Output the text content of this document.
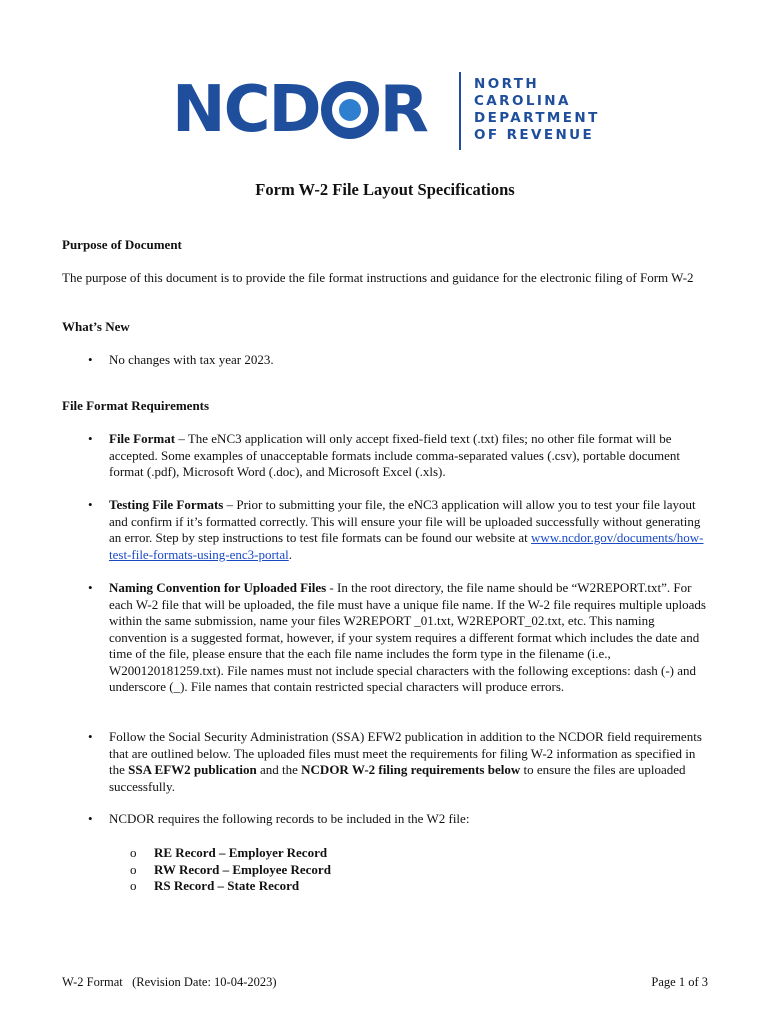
NCD R	NORTH
CAROLINA
DEPARTMENT
OF REVENUE
Form W-2 File Layout Specifications

Purpose of Document

The purpose of this document is to provide the file format instructions and guidance for the electronic filing of Form W-2

What’s New

• No changes with tax year 2023.

File Format Requirements

• File Format – The eNC3 application will only accept fixed-field text (.txt) files; no other file format will be accepted. Some examples of unacceptable formats include comma-separated values (.csv), portable document format (.pdf), Microsoft Word (.doc), and Microsoft Excel (.xls).
• Testing File Formats – Prior to submitting your file, the eNC3 application will allow you to test your file layout and confirm if it’s formatted correctly. This will ensure your file will be uploaded successfully without generating an error. Step by step instructions to test file formats can be found our website at www.ncdor.gov/documents/how-test-file-formats-using-enc3-portal.
• Naming Convention for Uploaded Files - In the root directory, the file name should be “W2REPORT.txt”. For each W-2 file that will be uploaded, the file must have a unique file name. If the W-2 file requires multiple uploads within the same submission, name your files W2REPORT _01.txt, W2REPORT_02.txt, etc. This naming convention is a suggested format, however, if your system requires a different format which includes the date and time of the file, please ensure that the each file name includes the form type in the filename (i.e., W200120181259.txt). File names must not include special characters with the following exceptions: dash (-) and underscore (_). File names that contain restricted special characters will produce errors.
• Follow the Social Security Administration (SSA) EFW2 publication in addition to the NCDOR field requirements that are outlined below. The uploaded files must meet the requirements for filing W-2 information as specified in the SSA EFW2 publication and the NCDOR W-2 filing requirements below to ensure the files are uploaded successfully.
• NCDOR requires the following records to be included in the W2 file:
o RE Record – Employer Record
o RW Record – Employee Record
o RS Record – State Record
W-2 Format   (Revision Date: 10-04-2023)	Page 1 of 3
